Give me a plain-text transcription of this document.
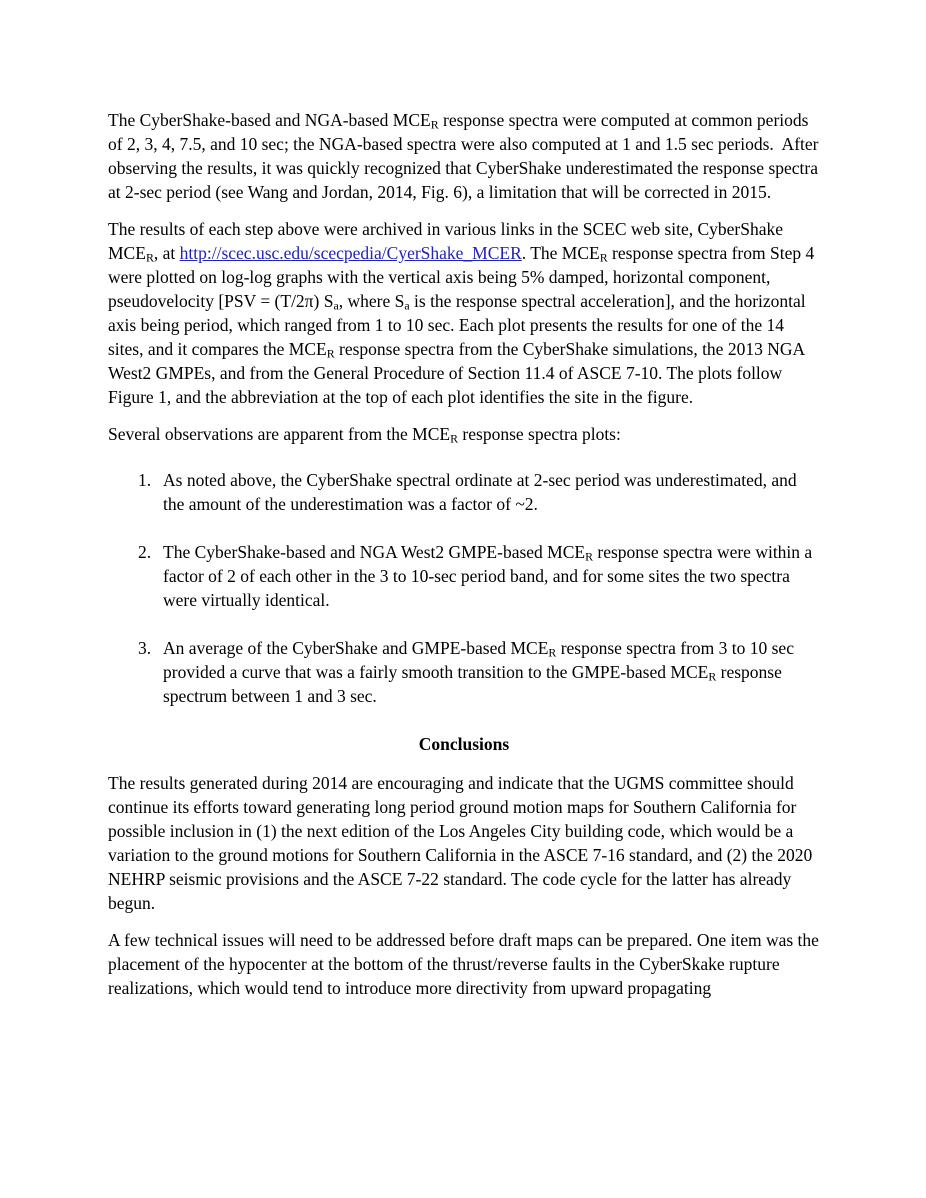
The CyberShake-based and NGA-based $MCE_R$ response spectra were computed at common periods of 2, 3, 4, 7.5, and 10 sec; the NGA-based spectra were also computed at 1 and 1.5 sec periods.  After observing the results, it was quickly recognized that CyberShake underestimated the response spectra at 2-sec period (see Wang and Jordan, 2014, Fig. 6), a limitation that will be corrected in 2015.

The results of each step above were archived in various links in the SCEC web site, CyberShake $MCE_R$, at http://scec.usc.edu/scecpedia/CyerShake_MCER. The $MCE_R$ response spectra from Step 4 were plotted on log-log graphs with the vertical axis being 5% damped, horizontal component, pseudovelocity [PSV = (T/2π) $S_a$, where $S_a$ is the response spectral acceleration], and the horizontal axis being period, which ranged from 1 to 10 sec. Each plot presents the results for one of the 14 sites, and it compares the $MCE_R$ response spectra from the CyberShake simulations, the 2013 NGA West2 GMPEs, and from the General Procedure of Section 11.4 of ASCE 7-10. The plots follow Figure 1, and the abbreviation at the top of each plot identifies the site in the figure.

Several observations are apparent from the $MCE_R$ response spectra plots:

1. As noted above, the CyberShake spectral ordinate at 2-sec period was underestimated, and the amount of the underestimation was a factor of ~2.
2. The CyberShake-based and NGA West2 GMPE-based $MCE_R$ response spectra were within a factor of 2 of each other in the 3 to 10-sec period band, and for some sites the two spectra were virtually identical.
3. An average of the CyberShake and GMPE-based $MCE_R$ response spectra from 3 to 10 sec provided a curve that was a fairly smooth transition to the GMPE-based $MCE_R$ response spectrum between 1 and 3 sec.

Conclusions

The results generated during 2014 are encouraging and indicate that the UGMS committee should continue its efforts toward generating long period ground motion maps for Southern California for possible inclusion in (1) the next edition of the Los Angeles City building code, which would be a variation to the ground motions for Southern California in the ASCE 7-16 standard, and (2) the 2020 NEHRP seismic provisions and the ASCE 7-22 standard. The code cycle for the latter has already begun.

A few technical issues will need to be addressed before draft maps can be prepared. One item was the placement of the hypocenter at the bottom of the thrust/reverse faults in the CyberSkake rupture realizations, which would tend to introduce more directivity from upward propagating
